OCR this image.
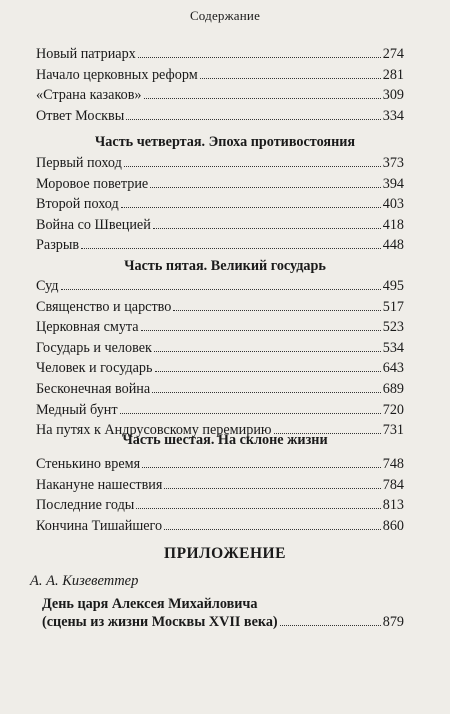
Содержание
Новый патриарх	274
Начало церковных реформ	281
«Страна казаков»	309
Ответ Москвы	334
Часть четвертая. Эпоха противостояния
Первый поход	373
Моровое поветрие	394
Второй поход	403
Война со Швецией	418
Разрыв	448
Часть пятая. Великий государь
Суд	495
Священство и царство	517
Церковная смута	523
Государь и человек	534
Человек и государь	643
Бесконечная война	689
Медный бунт	720
На путях к Андрусовскому перемирию	731
Часть шестая. На склоне жизни
Стенькино время	748
Накануне нашествия	784
Последние годы	813
Кончина Тишайшего	860
ПРИЛОЖЕНИЕ
А. А. Кизеветтер
День царя Алексея Михайловича
(сцены из жизни Москвы XVII века)	879
